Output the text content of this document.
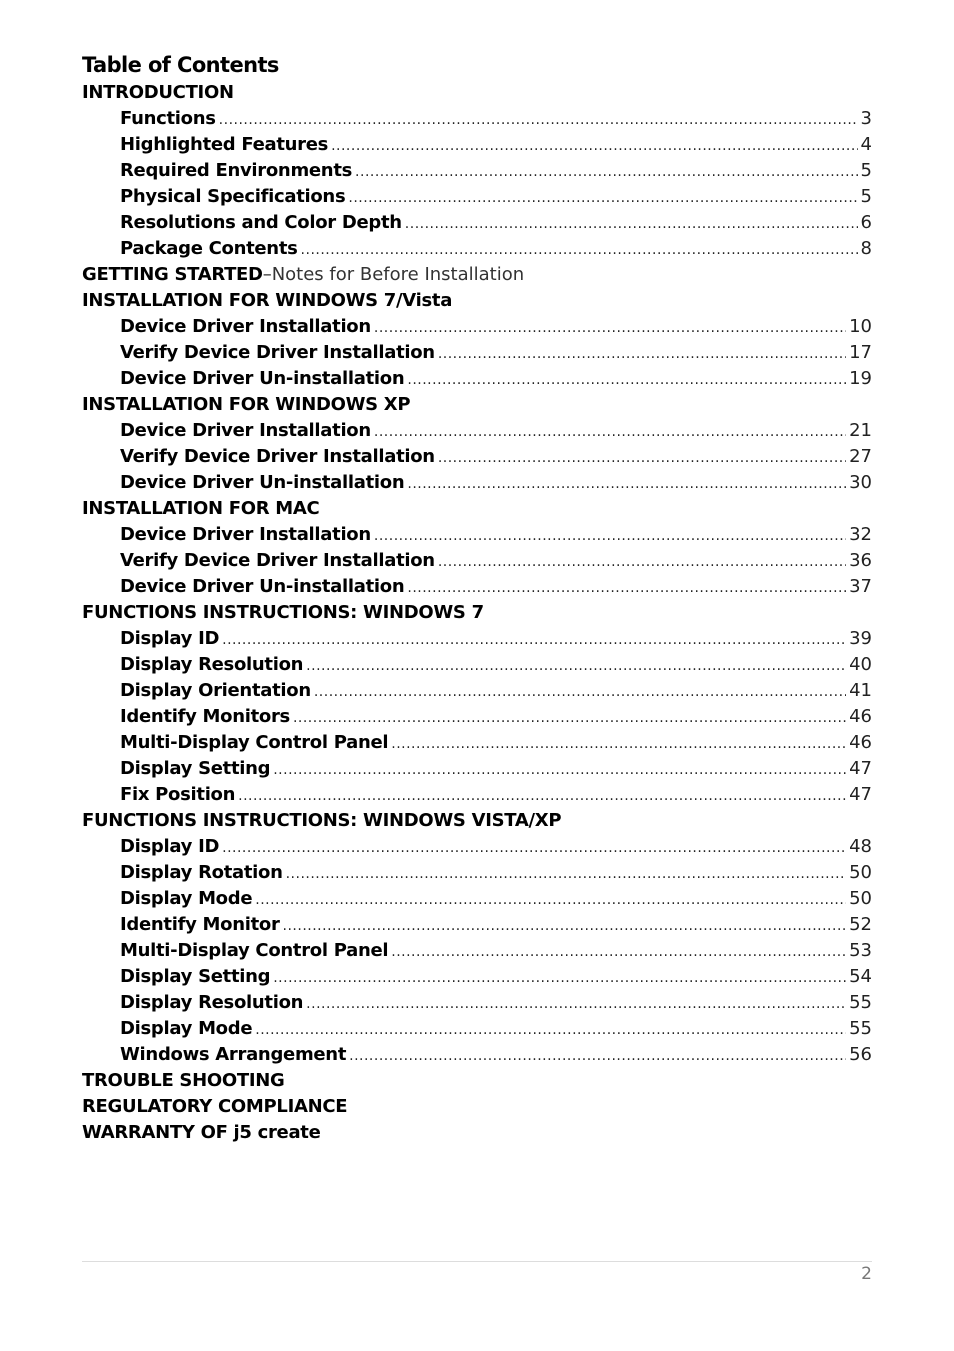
Table of Contents
INTRODUCTION
Functions .....	3
Highlighted Features .....	4
Required Environments .....	5
Physical Specifications .....	5
Resolutions and Color Depth .....	6
Package Contents .....	8
GETTING STARTED –Notes for Before Installation
INSTALLATION FOR WINDOWS 7/Vista
Device Driver Installation .....	10
Verify Device Driver Installation .....	17
Device Driver Un-installation .....	19
INSTALLATION FOR WINDOWS XP
Device Driver Installation .....	21
Verify Device Driver Installation .....	27
Device Driver Un-installation .....	30
INSTALLATION FOR MAC
Device Driver Installation .....	32
Verify Device Driver Installation .....	36
Device Driver Un-installation .....	37
FUNCTIONS INSTRUCTIONS: WINDOWS 7
Display ID .....	39
Display Resolution .....	40
Display Orientation .....	41
Identify Monitors .....	46
Multi-Display Control Panel .....	46
Display Setting .....	47
Fix Position .....	47
FUNCTIONS INSTRUCTIONS: WINDOWS VISTA/XP
Display ID .....	48
Display Rotation .....	50
Display Mode .....	50
Identify Monitor .....	52
Multi-Display Control Panel .....	53
Display Setting .....	54
Display Resolution .....	55
Display Mode .....	55
Windows Arrangement .....	56
TROUBLE SHOOTING
REGULATORY COMPLIANCE
WARRANTY OF j5 create
2
